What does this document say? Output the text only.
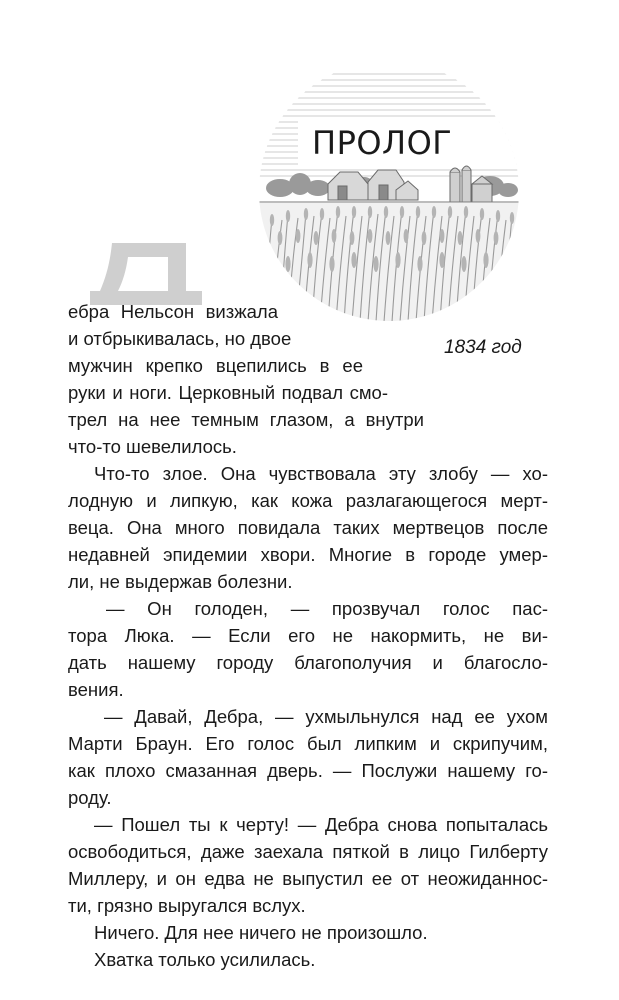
ПРОЛОГ

1834 год

ебра Нельсон визжала

и отбрыкивалась, но двое

мужчин крепко вцепились в ее

руки и ноги. Церковный подвал смо-

трел на нее темным глазом, а внутри

что-то шевелилось.

Что-то злое. Она чувствовала эту злобу — хо-

лодную и липкую, как кожа разлагающегося мерт-

веца. Она много повидала таких мертвецов после

недавней эпидемии хвори. Многие в городе умер-

ли, не выдержав болезни.

— Он голоден, — прозвучал голос пас-

тора Люка. — Если его не накормить, не ви-

дать нашему городу благополучия и благосло-

вения.

— Давай, Дебра, — ухмыльнулся над ее ухом

Марти Браун. Его голос был липким и скрипучим,

как плохо смазанная дверь. — Послужи нашему го-

роду.

— Пошел ты к черту! — Дебра снова попыталась

освободиться, даже заехала пяткой в лицо Гилберту

Миллеру, и он едва не выпустил ее от неожиданнос-

ти, грязно выругался вслух.

Ничего. Для нее ничего не произошло.

Хватка только усилилась.
